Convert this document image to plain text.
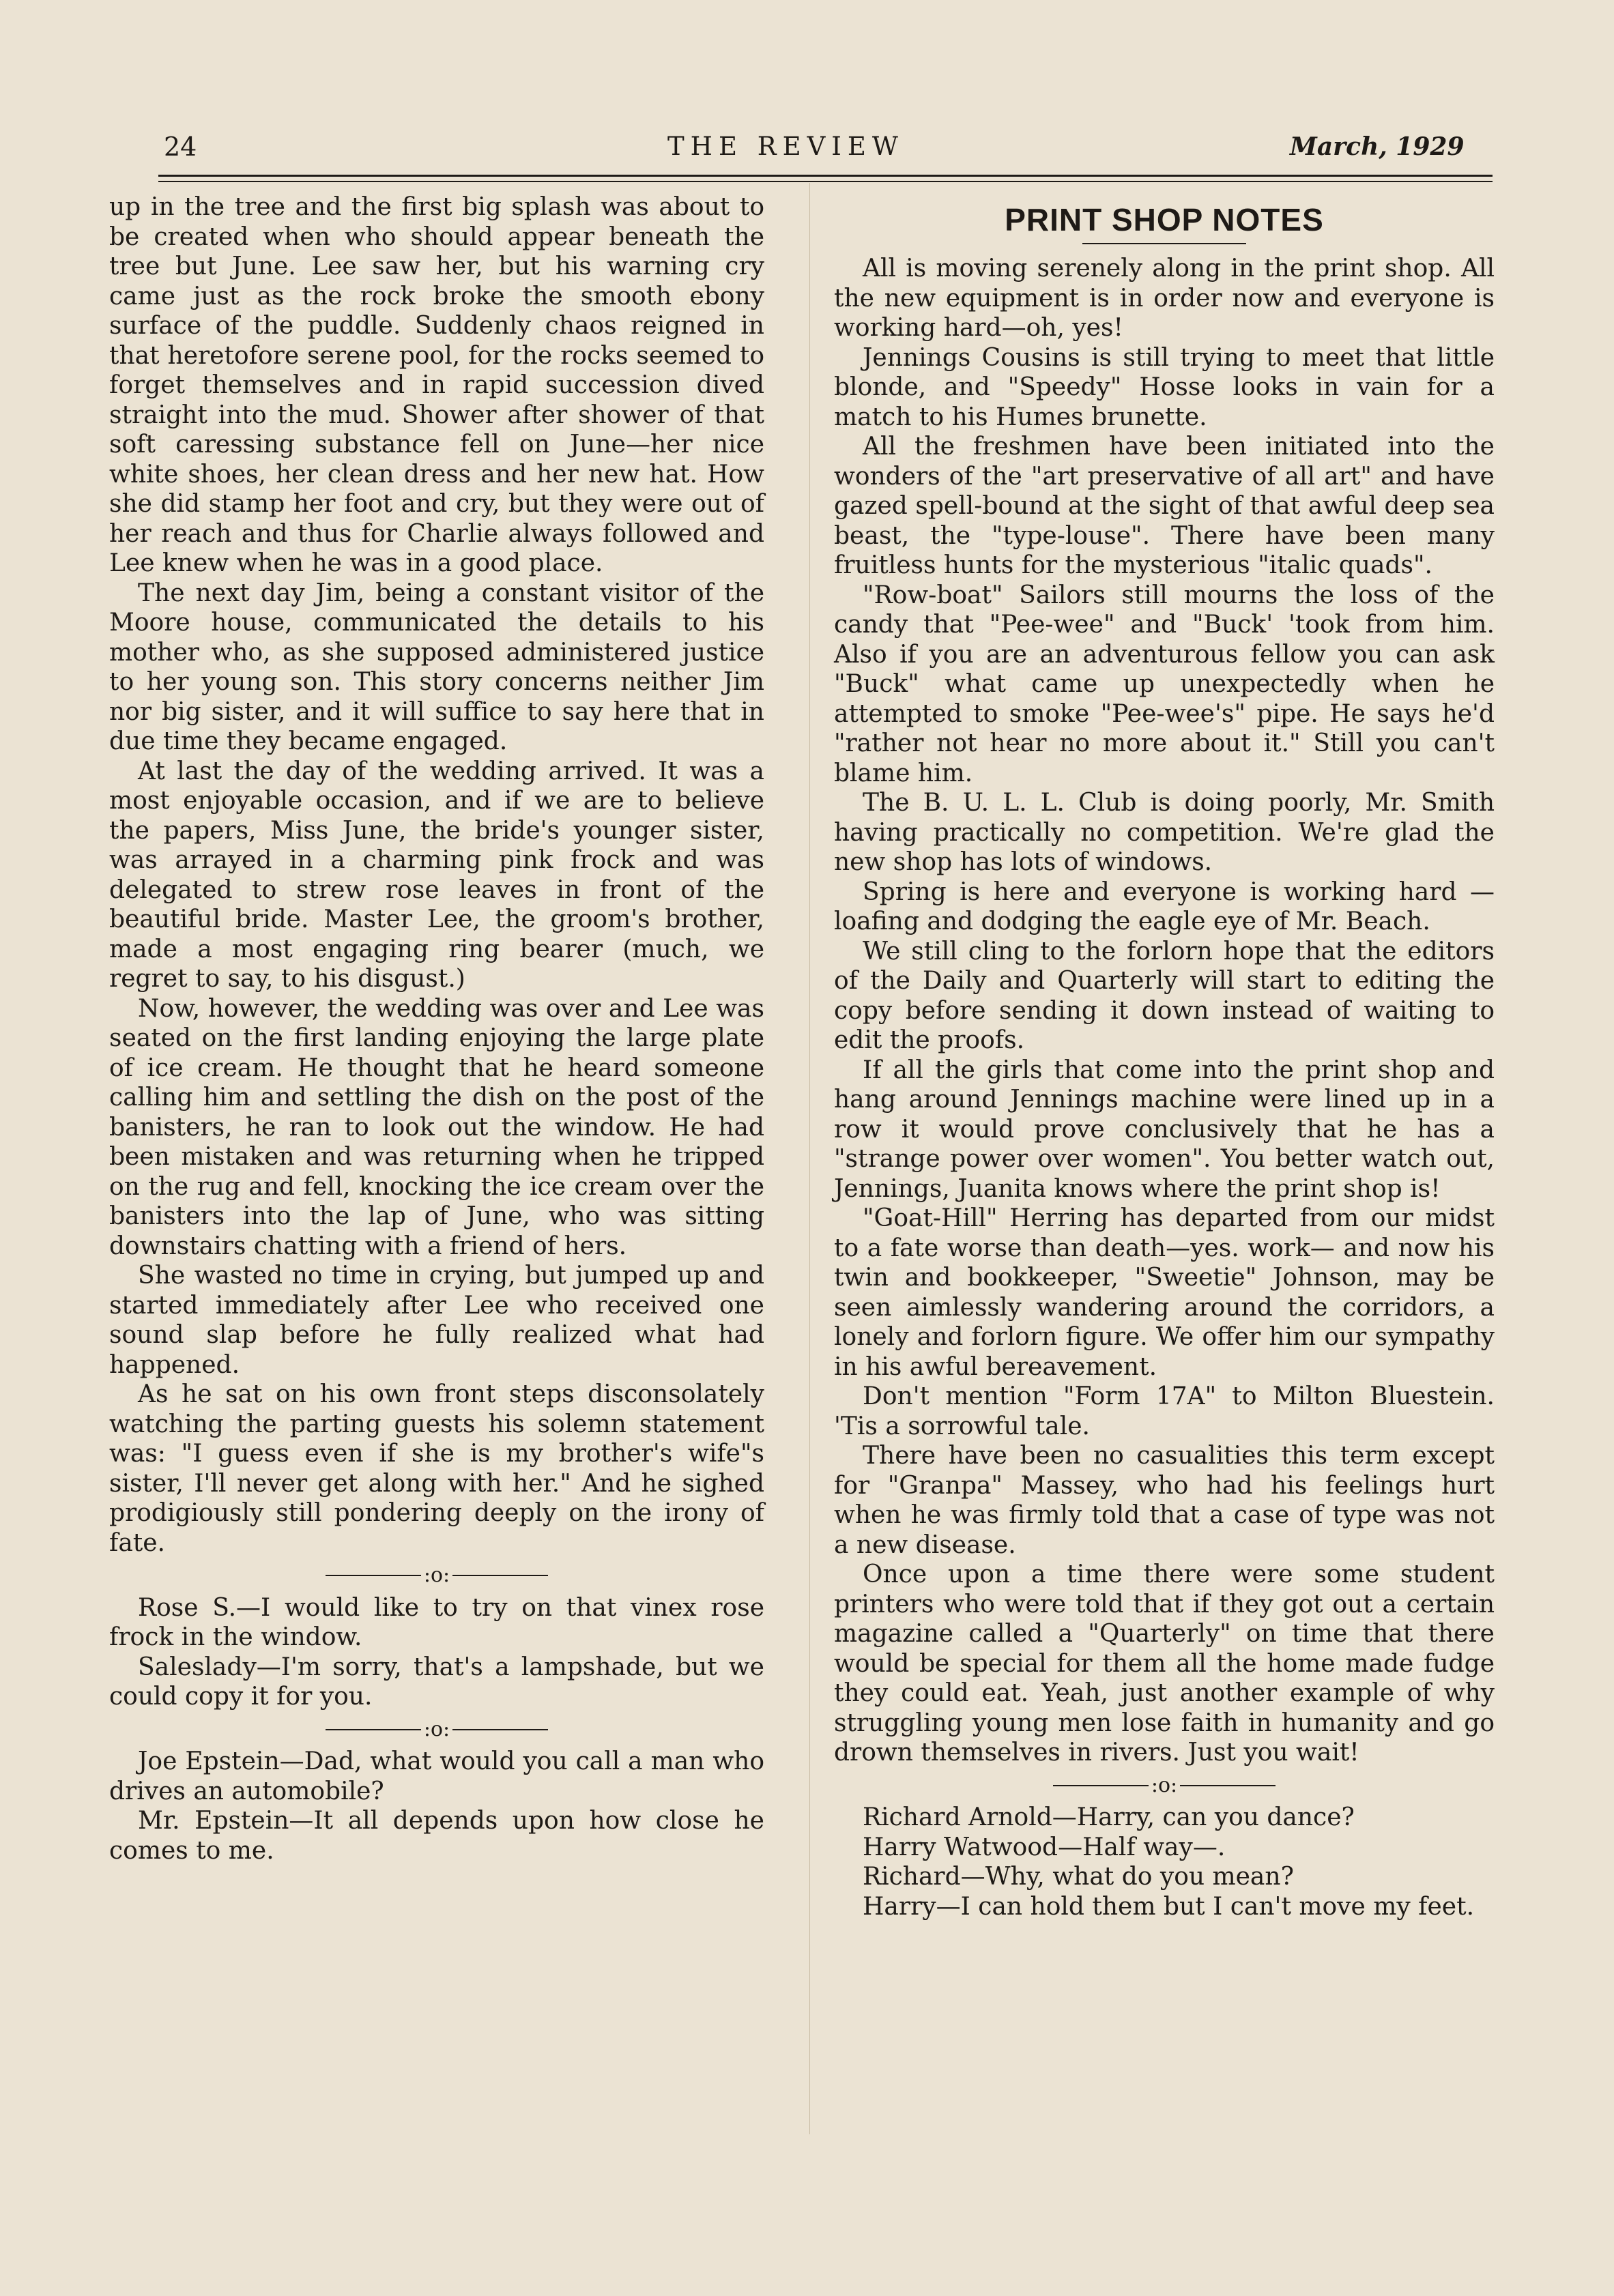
24	THE REVIEW	March, 1929

up in the tree and the first big splash was about to be created when who should appear beneath the tree but June. Lee saw her, but his warning cry came just as the rock broke the smooth ebony surface of the puddle. Suddenly chaos reigned in that heretofore serene pool, for the rocks seemed to forget themselves and in rapid succession dived straight into the mud. Shower after shower of that soft caressing substance fell on June—her nice white shoes, her clean dress and her new hat. How she did stamp her foot and cry, but they were out of her reach and thus for Charlie always followed and Lee knew when he was in a good place.

The next day Jim, being a constant visitor of the Moore house, communicated the details to his mother who, as she supposed administered justice to her young son. This story concerns neither Jim nor big sister, and it will suffice to say here that in due time they became engaged.

At last the day of the wedding arrived. It was a most enjoyable occasion, and if we are to believe the papers, Miss June, the bride's younger sister, was arrayed in a charming pink frock and was delegated to strew rose leaves in front of the beautiful bride. Master Lee, the groom's brother, made a most engaging ring bearer (much, we regret to say, to his disgust.)

Now, however, the wedding was over and Lee was seated on the first landing enjoying the large plate of ice cream. He thought that he heard someone calling him and settling the dish on the post of the banisters, he ran to look out the window. He had been mistaken and was returning when he tripped on the rug and fell, knocking the ice cream over the banisters into the lap of June, who was sitting downstairs chatting with a friend of hers.

She wasted no time in crying, but jumped up and started immediately after Lee who received one sound slap before he fully realized what had happened.

As he sat on his own front steps disconsolately watching the parting guests his solemn statement was: "I guess even if she is my brother's wife"s sister, I'll never get along with her." And he sighed prodigiously still pondering deeply on the irony of fate.

:o:

Rose S.—I would like to try on that vinex rose frock in the window.

Saleslady—I'm sorry, that's a lampshade, but we could copy it for you.

:o:

Joe Epstein—Dad, what would you call a man who drives an automobile?

Mr. Epstein—It all depends upon how close he comes to me.

PRINT SHOP NOTES

All is moving serenely along in the print shop. All the new equipment is in order now and everyone is working hard—oh, yes!

Jennings Cousins is still trying to meet that little blonde, and "Speedy" Hosse looks in vain for a match to his Humes brunette.

All the freshmen have been initiated into the wonders of the "art preservative of all art" and have gazed spell-bound at the sight of that awful deep sea beast, the "type-louse". There have been many fruitless hunts for the mysterious "italic quads".

"Row-boat" Sailors still mourns the loss of the candy that "Pee-wee" and "Buck' 'took from him. Also if you are an adventurous fellow you can ask "Buck" what came up unexpectedly when he attempted to smoke "Pee-wee's" pipe. He says he'd "rather not hear no more about it." Still you can't blame him.

The B. U. L. L. Club is doing poorly, Mr. Smith having practically no competition. We're glad the new shop has lots of windows.

Spring is here and everyone is working hard —loafing and dodging the eagle eye of Mr. Beach.

We still cling to the forlorn hope that the editors of the Daily and Quarterly will start to editing the copy before sending it down instead of waiting to edit the proofs.

If all the girls that come into the print shop and hang around Jennings machine were lined up in a row it would prove conclusively that he has a "strange power over women". You better watch out, Jennings, Juanita knows where the print shop is!

"Goat-Hill" Herring has departed from our midst to a fate worse than death—yes. work— and now his twin and bookkeeper, "Sweetie" Johnson, may be seen aimlessly wandering around the corridors, a lonely and forlorn figure. We offer him our sympathy in his awful bereavement.

Don't mention "Form 17A" to Milton Bluestein. 'Tis a sorrowful tale.

There have been no casualities this term except for "Granpa" Massey, who had his feelings hurt when he was firmly told that a case of type was not a new disease.

Once upon a time there were some student printers who were told that if they got out a certain magazine called a "Quarterly" on time that there would be special for them all the home made fudge they could eat. Yeah, just another example of why struggling young men lose faith in humanity and go drown themselves in rivers. Just you wait!

:o:

Richard Arnold—Harry, can you dance?

Harry Watwood—Half way—.

Richard—Why, what do you mean?

Harry—I can hold them but I can't move my feet.
